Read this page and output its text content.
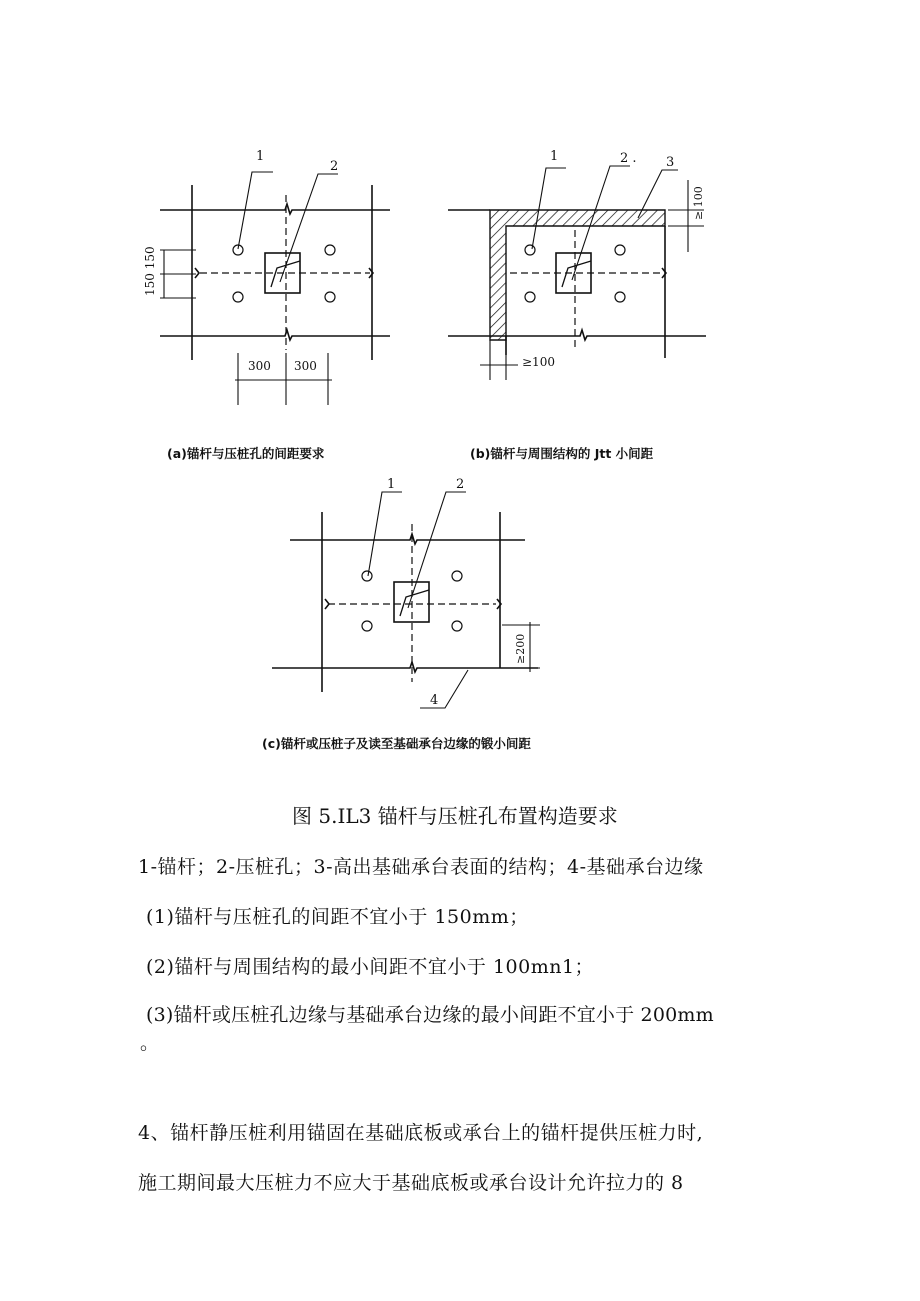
1
2
150 150
300 300
(a)锚杆与压桩孔的间距要求
1	2 . 3
≥ 100
≥100
(b)锚杆与周围结构的 Jtt 小间距
1	2
4
≥200
(c)锚杆或压桩子及读至基础承台边缘的锻小间距
图 5.IL3 锚杆与压桩孔布置构造要求
1-锚杆；2-压桩孔；3-高出基础承台表面的结构；4-基础承台边缘
(1)锚杆与压桩孔的间距不宜小于 150mm；
(2)锚杆与周围结构的最小间距不宜小于 100mn1；
(3)锚杆或压桩孔边缘与基础承台边缘的最小间距不宜小于 200mm
。
4、锚杆静压桩利用锚固在基础底板或承台上的锚杆提供压桩力时,
施工期间最大压桩力不应大于基础底板或承台设计允许拉力的 8
